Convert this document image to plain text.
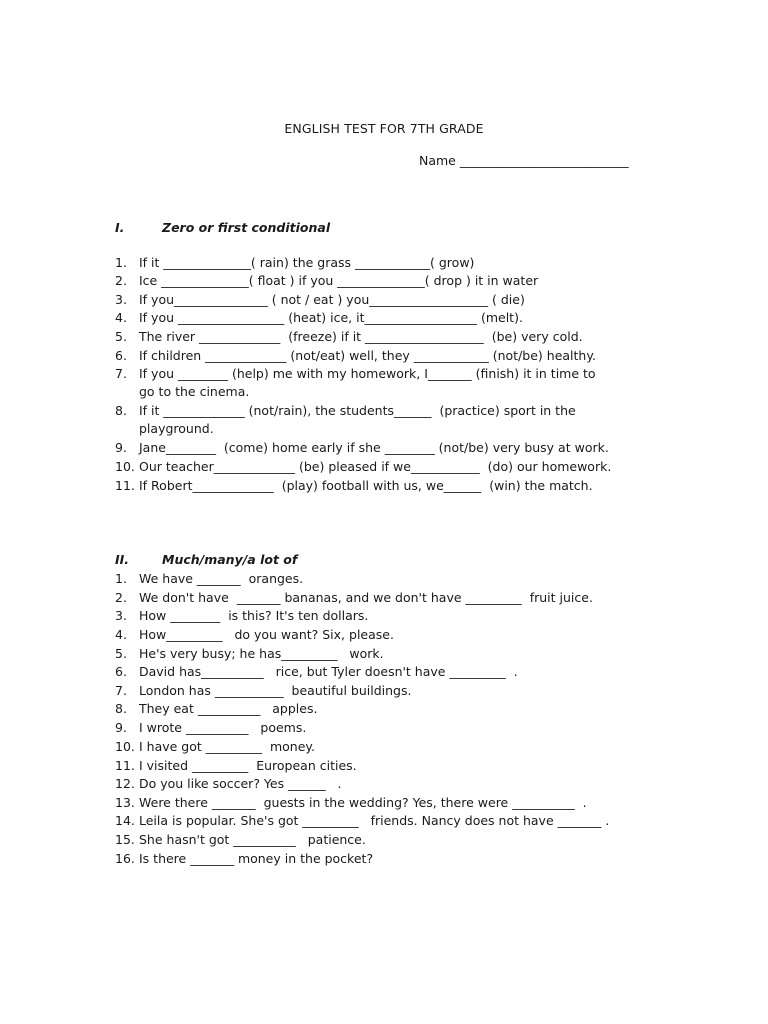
ENGLISH TEST FOR 7TH GRADE
Name ___________________________
I.	Zero or first conditional
1. If it ______________( rain) the grass ____________( grow)
2. Ice ______________( float ) if you ______________( drop ) it in water
3. If you_______________ ( not / eat ) you___________________ ( die)
4. If you _________________ (heat) ice, it__________________ (melt).
5. The river _____________  (freeze) if it ___________________  (be) very cold.
6. If children _____________ (not/eat) well, they ____________ (not/be) healthy.
7. If you ________ (help) me with my homework, I_______ (finish) it in time to
go to the cinema.
8. If it _____________ (not/rain), the students______  (practice) sport in the
playground.
9. Jane________  (come) home early if she ________ (not/be) very busy at work.
10. Our teacher_____________ (be) pleased if we___________  (do) our homework.
11. If Robert_____________  (play) football with us, we______  (win) the match.
II.	Much/many/a lot of
1. We have _______  oranges.
2. We don't have  _______ bananas, and we don't have _________  fruit juice.
3. How ________  is this? It's ten dollars.
4. How_________   do you want? Six, please.
5. He's very busy; he has_________   work.
6. David has__________   rice, but Tyler doesn't have _________  .
7. London has ___________  beautiful buildings.
8. They eat __________   apples.
9. I wrote __________   poems.
10. I have got _________  money.
11. I visited _________  European cities.
12. Do you like soccer? Yes ______   .
13. Were there _______  guests in the wedding? Yes, there were __________  .
14. Leila is popular. She's got _________   friends. Nancy does not have _______ .
15. She hasn't got __________   patience.
16. Is there _______ money in the pocket?
